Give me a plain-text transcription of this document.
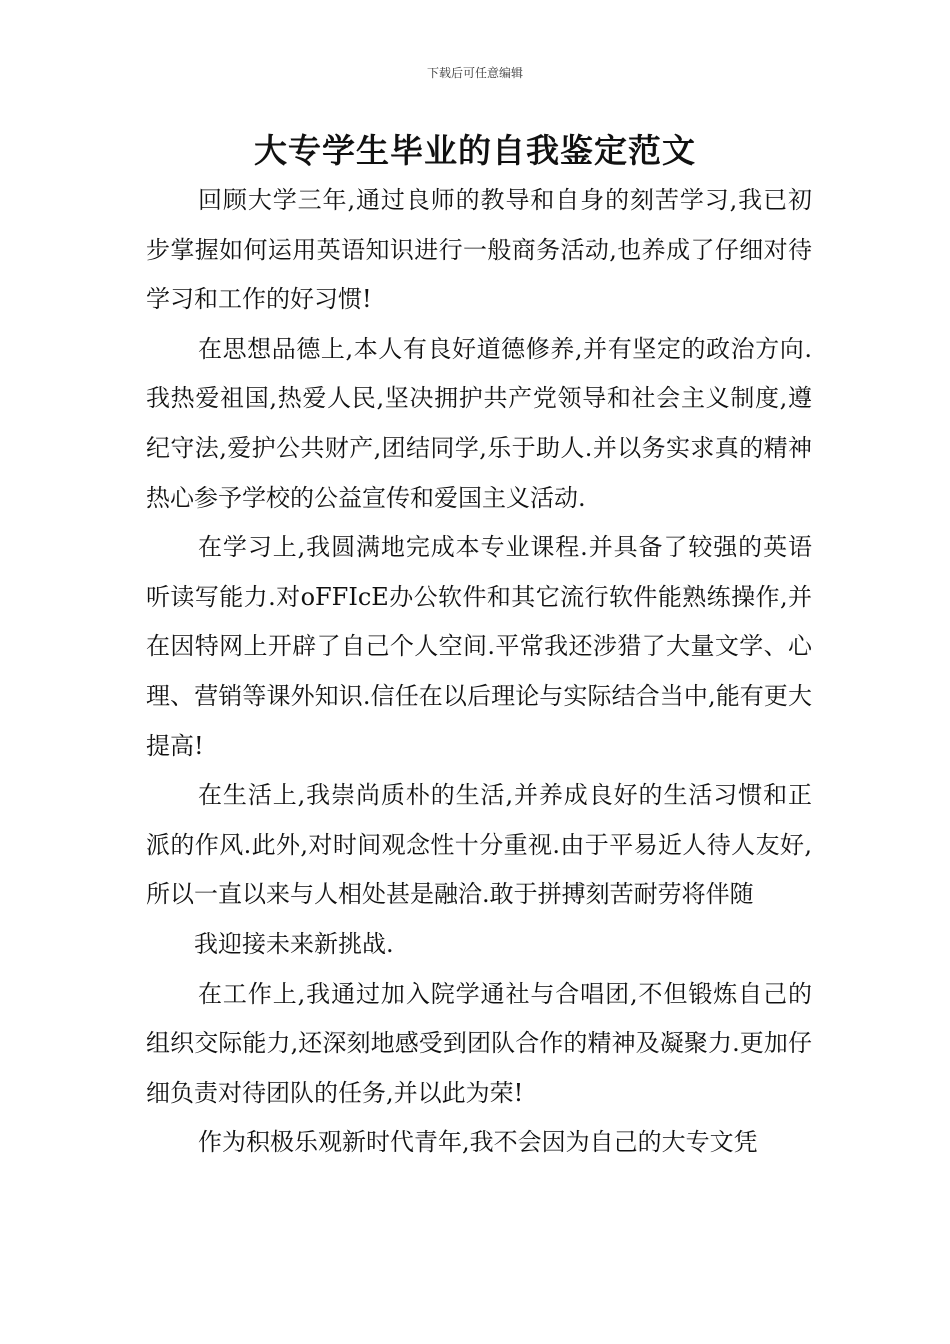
下载后可任意编辑
大专学生毕业的自我鉴定范文

回顾大学三年,通过良师的教导和自身的刻苦学习,我已初步掌握如何运用英语知识进行一般商务活动,也养成了仔细对待学习和工作的好习惯!

在思想品德上,本人有良好道德修养,并有坚定的政治方向.我热爱祖国,热爱人民,坚决拥护共产党领导和社会主义制度,遵纪守法,爱护公共财产,团结同学,乐于助人.并以务实求真的精神热心参予学校的公益宣传和爱国主义活动.

在学习上,我圆满地完成本专业课程.并具备了较强的英语听读写能力.对oFFIcE办公软件和其它流行软件能熟练操作,并在因特网上开辟了自己个人空间.平常我还涉猎了大量文学、心理、营销等课外知识.信任在以后理论与实际结合当中,能有更大提高!

在生活上,我崇尚质朴的生活,并养成良好的生活习惯和正派的作风.此外,对时间观念性十分重视.由于平易近人待人友好,所以一直以来与人相处甚是融洽.敢于拼搏刻苦耐劳将伴随

我迎接未来新挑战.

在工作上,我通过加入院学通社与合唱团,不但锻炼自己的组织交际能力,还深刻地感受到团队合作的精神及凝聚力.更加仔细负责对待团队的任务,并以此为荣!

作为积极乐观新时代青年,我不会因为自己的大专文凭
